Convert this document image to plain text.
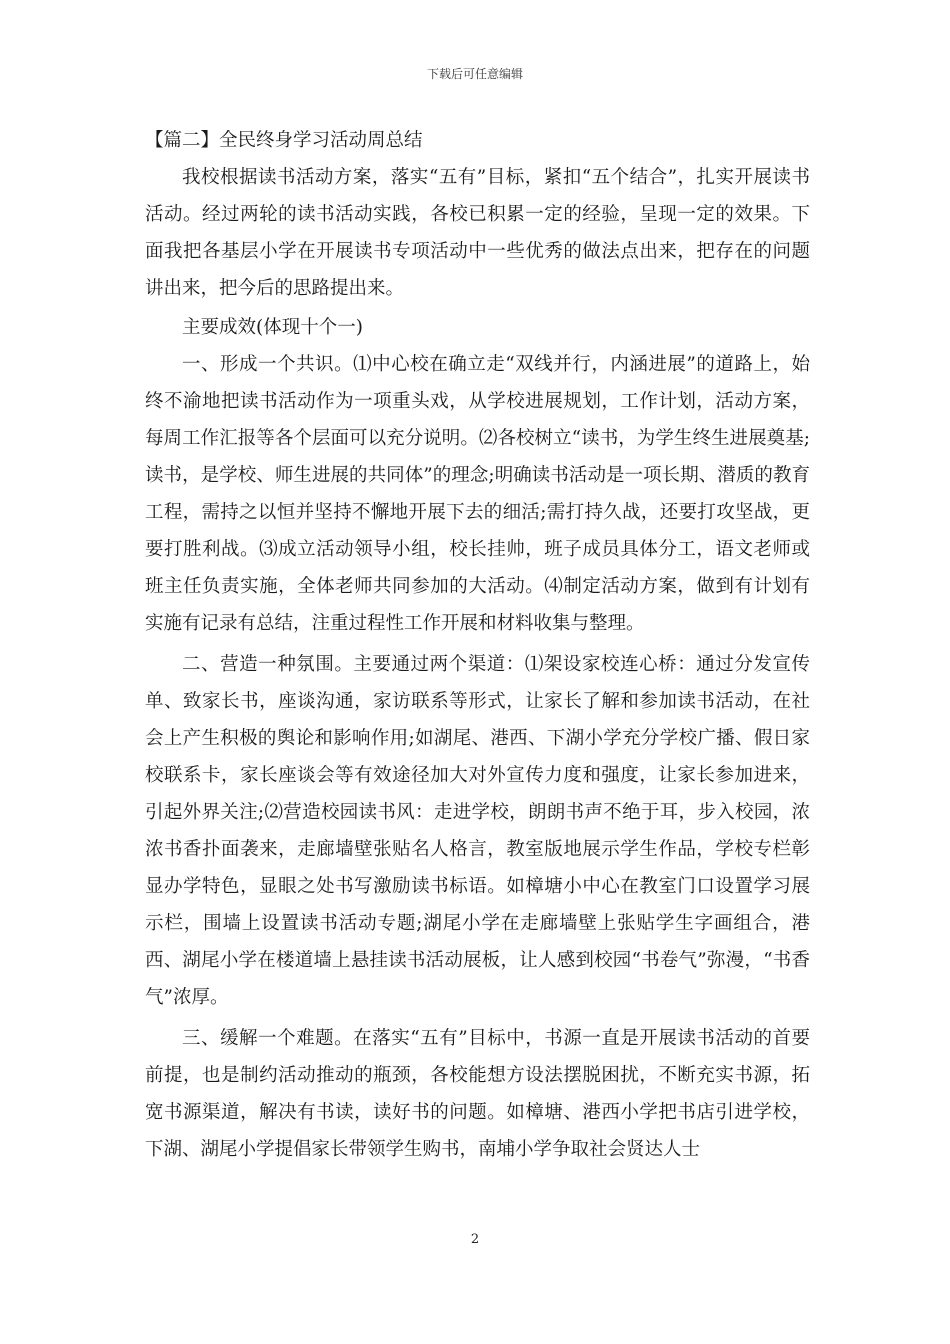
下载后可任意编辑

【篇二】全民终身学习活动周总结

我校根据读书活动方案，落实“五有”目标，紧扣“五个结合”，扎实开展读书活动。经过两轮的读书活动实践，各校已积累一定的经验，呈现一定的效果。下面我把各基层小学在开展读书专项活动中一些优秀的做法点出来，把存在的问题讲出来，把今后的思路提出来。

主要成效(体现十个一)

一、形成一个共识。⑴中心校在确立走“双线并行，内涵进展”的道路上，始终不渝地把读书活动作为一项重头戏，从学校进展规划，工作计划，活动方案，每周工作汇报等各个层面可以充分说明。⑵各校树立“读书，为学生终生进展奠基;读书，是学校、师生进展的共同体”的理念;明确读书活动是一项长期、潜质的教育工程，需持之以恒并坚持不懈地开展下去的细活;需打持久战，还要打攻坚战，更要打胜利战。⑶成立活动领导小组，校长挂帅，班子成员具体分工，语文老师或班主任负责实施，全体老师共同参加的大活动。⑷制定活动方案，做到有计划有实施有记录有总结，注重过程性工作开展和材料收集与整理。

二、营造一种氛围。主要通过两个渠道：⑴架设家校连心桥：通过分发宣传单、致家长书，座谈沟通，家访联系等形式，让家长了解和参加读书活动，在社会上产生积极的舆论和影响作用;如湖尾、港西、下湖小学充分学校广播、假日家校联系卡，家长座谈会等有效途径加大对外宣传力度和强度，让家长参加进来，引起外界关注;⑵营造校园读书风：走进学校，朗朗书声不绝于耳，步入校园，浓浓书香扑面袭来，走廊墙壁张贴名人格言，教室版地展示学生作品，学校专栏彰显办学特色，显眼之处书写激励读书标语。如樟塘小中心在教室门口设置学习展示栏，围墙上设置读书活动专题;湖尾小学在走廊墙壁上张贴学生字画组合，港西、湖尾小学在楼道墙上悬挂读书活动展板，让人感到校园“书卷气”弥漫，“书香气”浓厚。

三、缓解一个难题。在落实“五有”目标中，书源一直是开展读书活动的首要前提，也是制约活动推动的瓶颈，各校能想方设法摆脱困扰，不断充实书源，拓宽书源渠道，解决有书读，读好书的问题。如樟塘、港西小学把书店引进学校，下湖、湖尾小学提倡家长带领学生购书，南埔小学争取社会贤达人士

2
